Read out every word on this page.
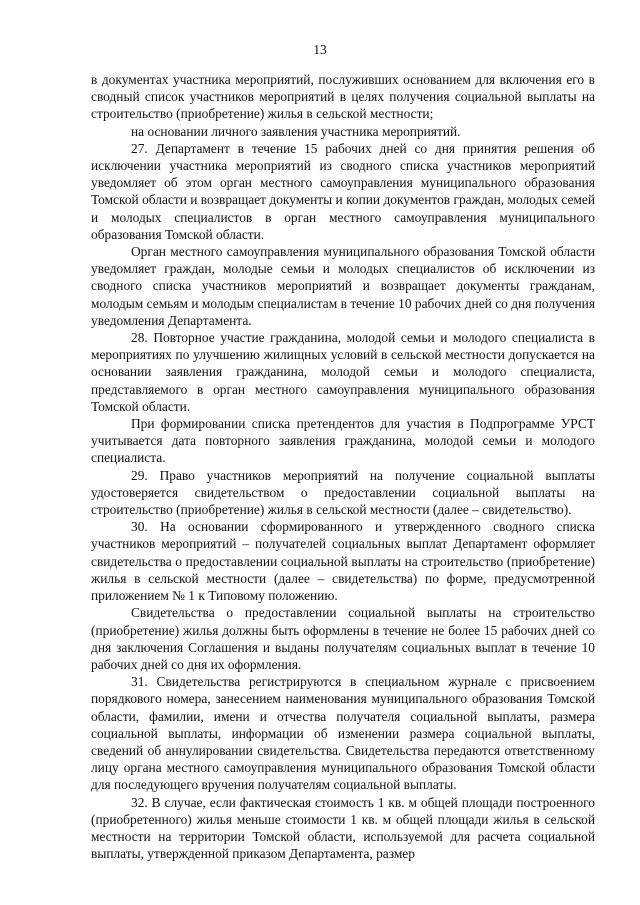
13

в документах участника мероприятий, послуживших основанием для включения его в сводный список участников мероприятий в целях получения социальной выплаты на строительство (приобретение) жилья в сельской местности;

на основании личного заявления участника мероприятий.

27. Департамент в течение 15 рабочих дней со дня принятия решения об исключении участника мероприятий из сводного списка участников мероприятий уведомляет об этом орган местного самоуправления муниципального образования Томской области и возвращает документы и копии документов граждан, молодых семей и молодых специалистов в орган местного самоуправления муниципального образования Томской области.

Орган местного самоуправления муниципального образования Томской области уведомляет граждан, молодые семьи и молодых специалистов об исключении из сводного списка участников мероприятий и возвращает документы гражданам, молодым семьям и молодым специалистам в течение 10 рабочих дней со дня получения уведомления Департамента.

28. Повторное участие гражданина, молодой семьи и молодого специалиста в мероприятиях по улучшению жилищных условий в сельской местности допускается на основании заявления гражданина, молодой семьи и молодого специалиста, представляемого в орган местного самоуправления муниципального образования Томской области.

При формировании списка претендентов для участия в Подпрограмме УРСТ учитывается дата повторного заявления гражданина, молодой семьи и молодого специалиста.

29. Право участников мероприятий на получение социальной выплаты удостоверяется свидетельством о предоставлении социальной выплаты на строительство (приобретение) жилья в сельской местности (далее – свидетельство).

30. На основании сформированного и утвержденного сводного списка участников мероприятий – получателей социальных выплат Департамент оформляет свидетельства о предоставлении социальной выплаты на строительство (приобретение) жилья в сельской местности (далее – свидетельства) по форме, предусмотренной приложением № 1 к Типовому положению.

Свидетельства о предоставлении социальной выплаты на строительство (приобретение) жилья должны быть оформлены в течение не более 15 рабочих дней со дня заключения Соглашения и выданы получателям социальных выплат в течение 10 рабочих дней со дня их оформления.

31. Свидетельства регистрируются в специальном журнале с присвоением порядкового номера, занесением наименования муниципального образования Томской области, фамилии, имени и отчества получателя социальной выплаты, размера социальной выплаты, информации об изменении размера социальной выплаты, сведений об аннулировании свидетельства. Свидетельства передаются ответственному лицу органа местного самоуправления муниципального образования Томской области для последующего вручения получателям социальной выплаты.

32. В случае, если фактическая стоимость 1 кв. м общей площади построенного (приобретенного) жилья меньше стоимости 1 кв. м общей площади жилья в сельской местности на территории Томской области, используемой для расчета социальной выплаты, утвержденной приказом Департамента, размер
